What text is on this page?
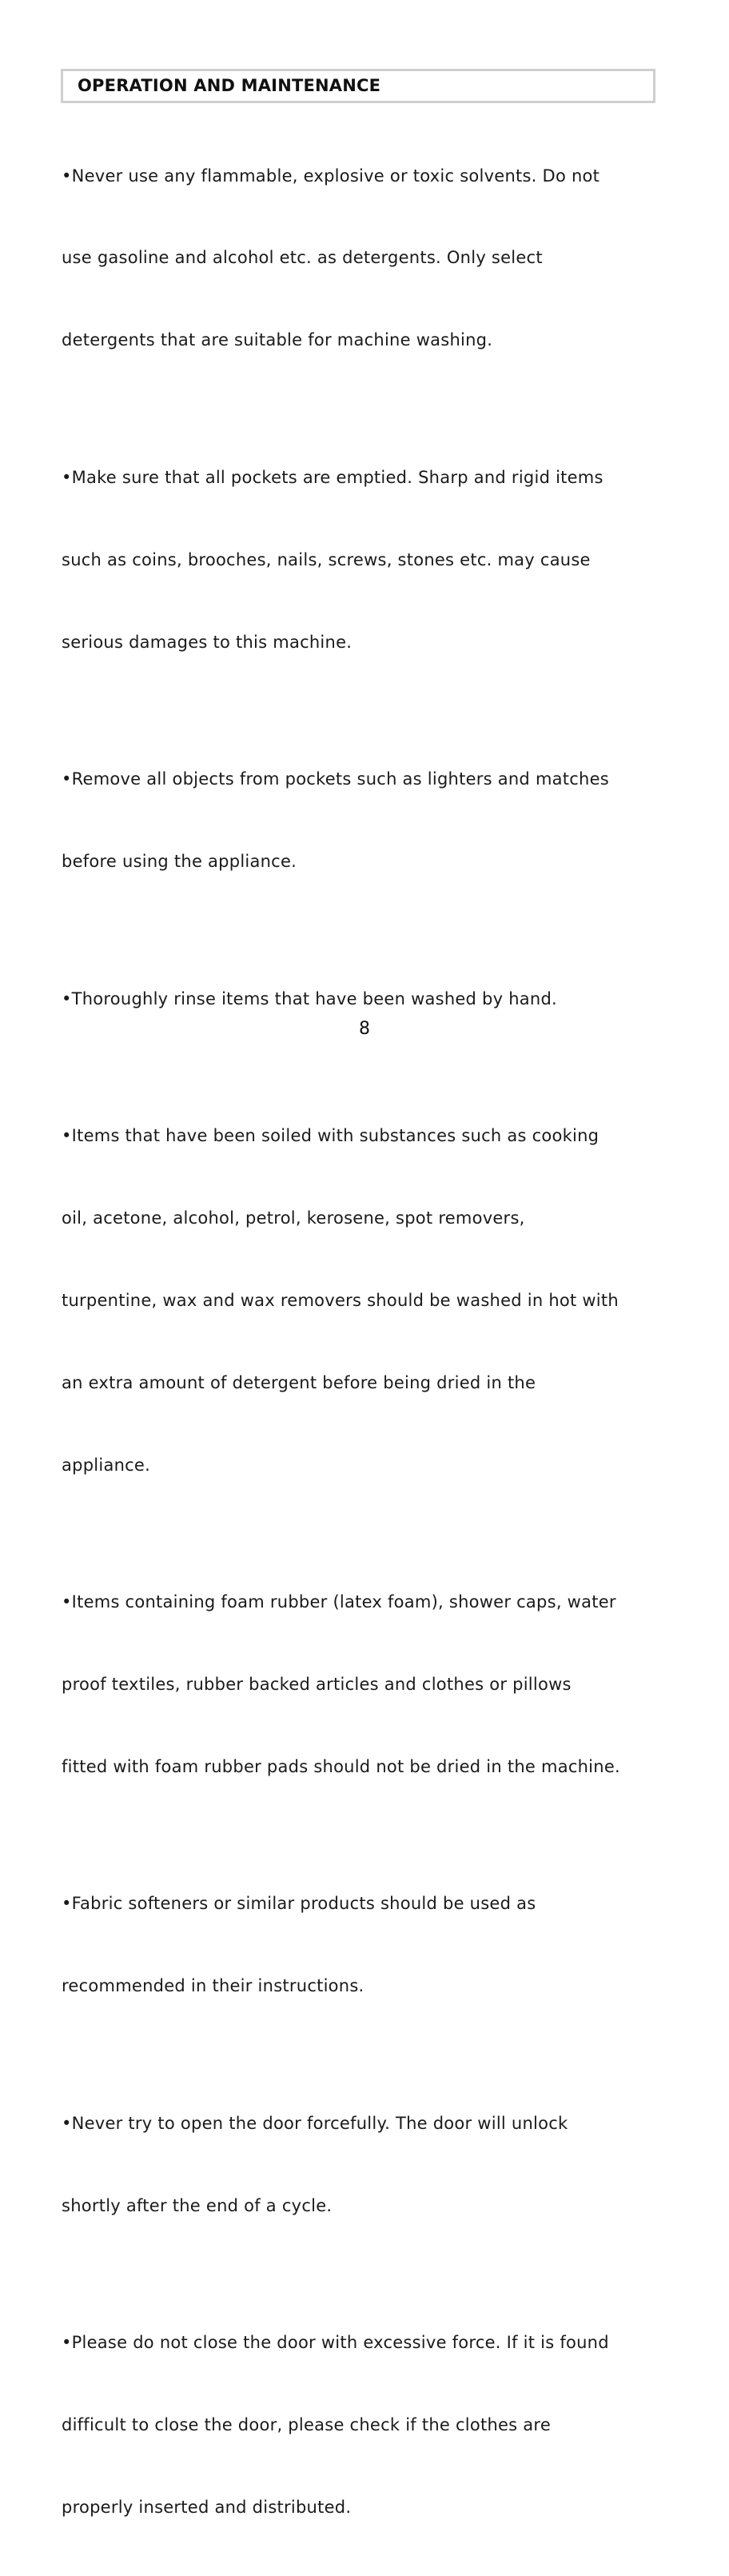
OPERATION AND MAINTENANCE

•Never use any flammable, explosive or toxic solvents. Do not

use gasoline and alcohol etc. as detergents. Only select

detergents that are suitable for machine washing.

•Make sure that all pockets are emptied. Sharp and rigid items

such as coins, brooches, nails, screws, stones etc. may cause

serious damages to this machine.

•Remove all objects from pockets such as lighters and matches

before using the appliance.

•Thoroughly rinse items that have been washed by hand.

•Items that have been soiled with substances such as cooking

oil, acetone, alcohol, petrol, kerosene, spot removers,

turpentine, wax and wax removers should be washed in hot with

an extra amount of detergent before being dried in the

appliance.

•Items containing foam rubber (latex foam), shower caps, water

proof textiles, rubber backed articles and clothes or pillows

fitted with foam rubber pads should not be dried in the machine.

•Fabric softeners or similar products should be used as

recommended in their instructions.

•Never try to open the door forcefully. The door will unlock

shortly after the end of a cycle.

•Please do not close the door with excessive force. If it is found

difficult to close the door, please check if the clothes are

properly inserted and distributed.

8
